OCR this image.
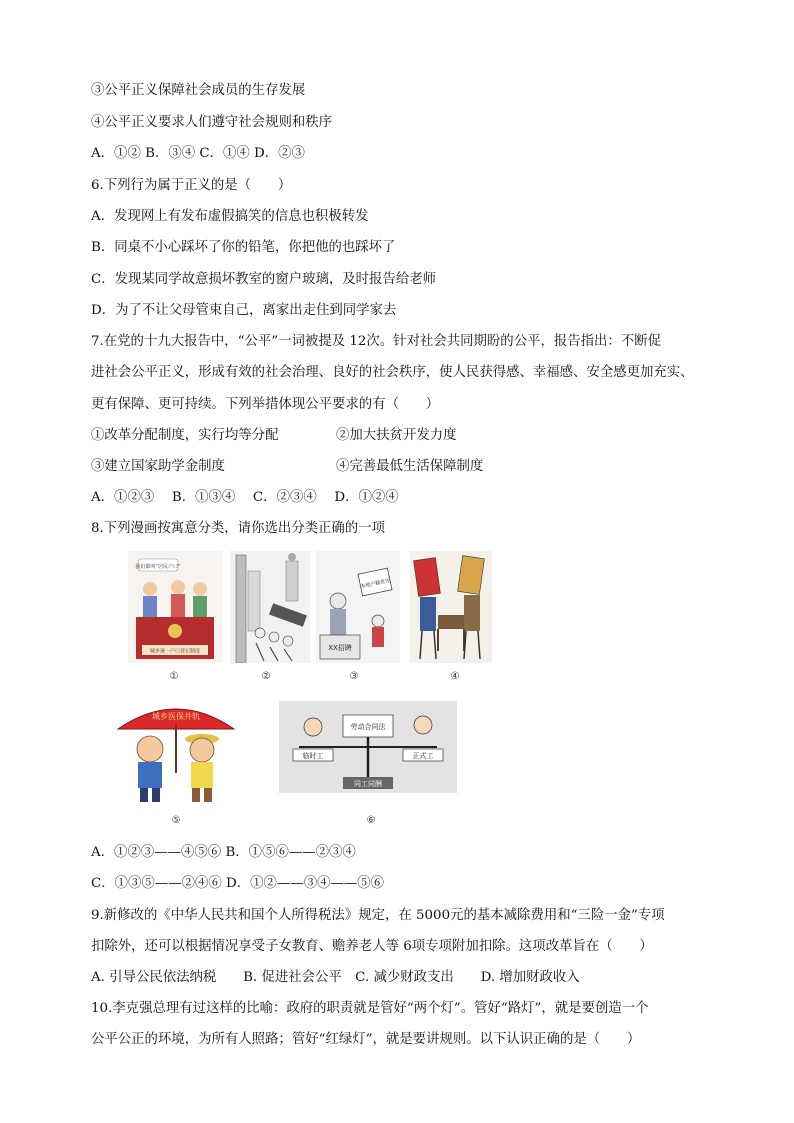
③公平正义保障社会成员的生存发展
④公平正义要求人们遵守社会规则和秩序
A．①② B．③④ C．①④ D．②③
6.下列行为属于正义的是（　　）
A．发现网上有发布虚假搞笑的信息也积极转发
B．同桌不小心踩坏了你的铅笔，你把他的也踩坏了
C．发现某同学故意损坏教室的窗户玻璃，及时报告给老师
D．为了不让父母管束自己，离家出走住到同学家去
7.在党的十九大报告中，“公平”一词被提及 12次。针对社会共同期盼的公平，报告指出：不断促
进社会公平正义，形成有效的社会治理、良好的社会秩序，使人民获得感、幸福感、安全感更加充实、
更有保障、更可持续。下列举措体现公平要求的有（　　）
①改革分配制度，实行均等分配	②加大扶贫开发力度
③建立国家助学金制度	④完善最低生活保障制度
A．①②③　 B．①③④　 C．②③④　 D．①②④
8.下列漫画按寓意分类，请你选出分类正确的一项
我们都叫“居民户口”
城乡统一户口登记制度
①	②
本地户籍优先
XX招聘
③	④
城乡医保并轨
⑤
劳动合同法
临时工	正式工
同工同酬
⑥
A．①②③——④⑤⑥ B．①⑤⑥——②③④
C．①③⑤——②④⑥ D．①②——③④——⑤⑥
9.新修改的《中华人民共和国个人所得税法》规定，在 5000元的基本减除费用和“三险一金”专项
扣除外，还可以根据情况享受子女教育、赡养老人等 6项专项附加扣除。这项改革旨在（　　）
A. 引导公民依法纳税　　B. 促进社会公平　C. 减少财政支出　　D. 增加财政收入
10.李克强总理有过这样的比喻：政府的职责就是管好“两个灯”。管好“路灯”，就是要创造一个
公平公正的环境，为所有人照路；管好“红绿灯”，就是要讲规则。以下认识正确的是（　　）
